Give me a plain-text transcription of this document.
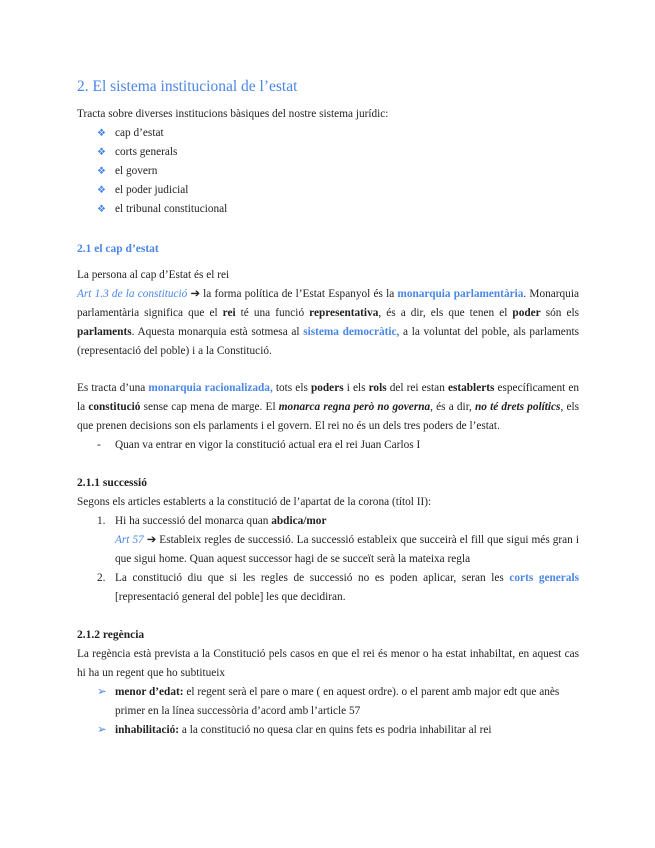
2. El sistema institucional de l’estat

Tracta sobre diverses institucions bàsiques del nostre sistema jurídic:

❖ cap d’estat
❖ corts generals
❖ el govern
❖ el poder judicial
❖ el tribunal constitucional
2.1 el cap d’estat

La persona al cap d’Estat és el rei

Art 1.3 de la constitució ➔ la forma política de l’Estat Espanyol és la monarquia parlamentària. Monarquia parlamentària significa que el rei té una funció representativa, és a dir, els que tenen el poder són els parlaments. Aquesta monarquia està sotmesa al sistema democràtic, a la voluntat del poble, als parlaments (representació del poble) i a la Constitució.

Es tracta d’una monarquia racionalizada, tots els poders i els rols del rei estan establerts específicament en la constitució sense cap mena de marge. El monarca regna però no governa, és a dir, no té drets polítics, els que prenen decisions son els parlaments i el govern. El rei no és un dels tres poders de l’estat.

- Quan va entrar en vigor la constitució actual era el rei Juan Carlos I
2.1.1 successió

Segons els articles establerts a la constitució de l’apartat de la corona (títol II):

1. Hi ha successió del monarca quan abdica/mor
Art 57 ➔ Estableix regles de successió. La successió estableix que succeirà el fill que sigui més gran i que sigui home. Quan aquest successor hagi de se succeït serà la mateixa regla
2. La constitució diu que si les regles de successió no es poden aplicar, seran les corts generals [representació general del poble] les que decidiran.
2.1.2 regència

La regència està prevista a la Constitució pels casos en que el rei és menor o ha estat inhabiltat, en aquest cas hi ha un regent que ho subtitueix

➢ menor d’edat: el regent serà el pare o mare ( en aquest ordre). o el parent amb major edt que anès primer en la línea successòria d’acord amb l’article 57
➢ inhabilitació: a la constitució no quesa clar en quins fets es podria inhabilitar al rei
